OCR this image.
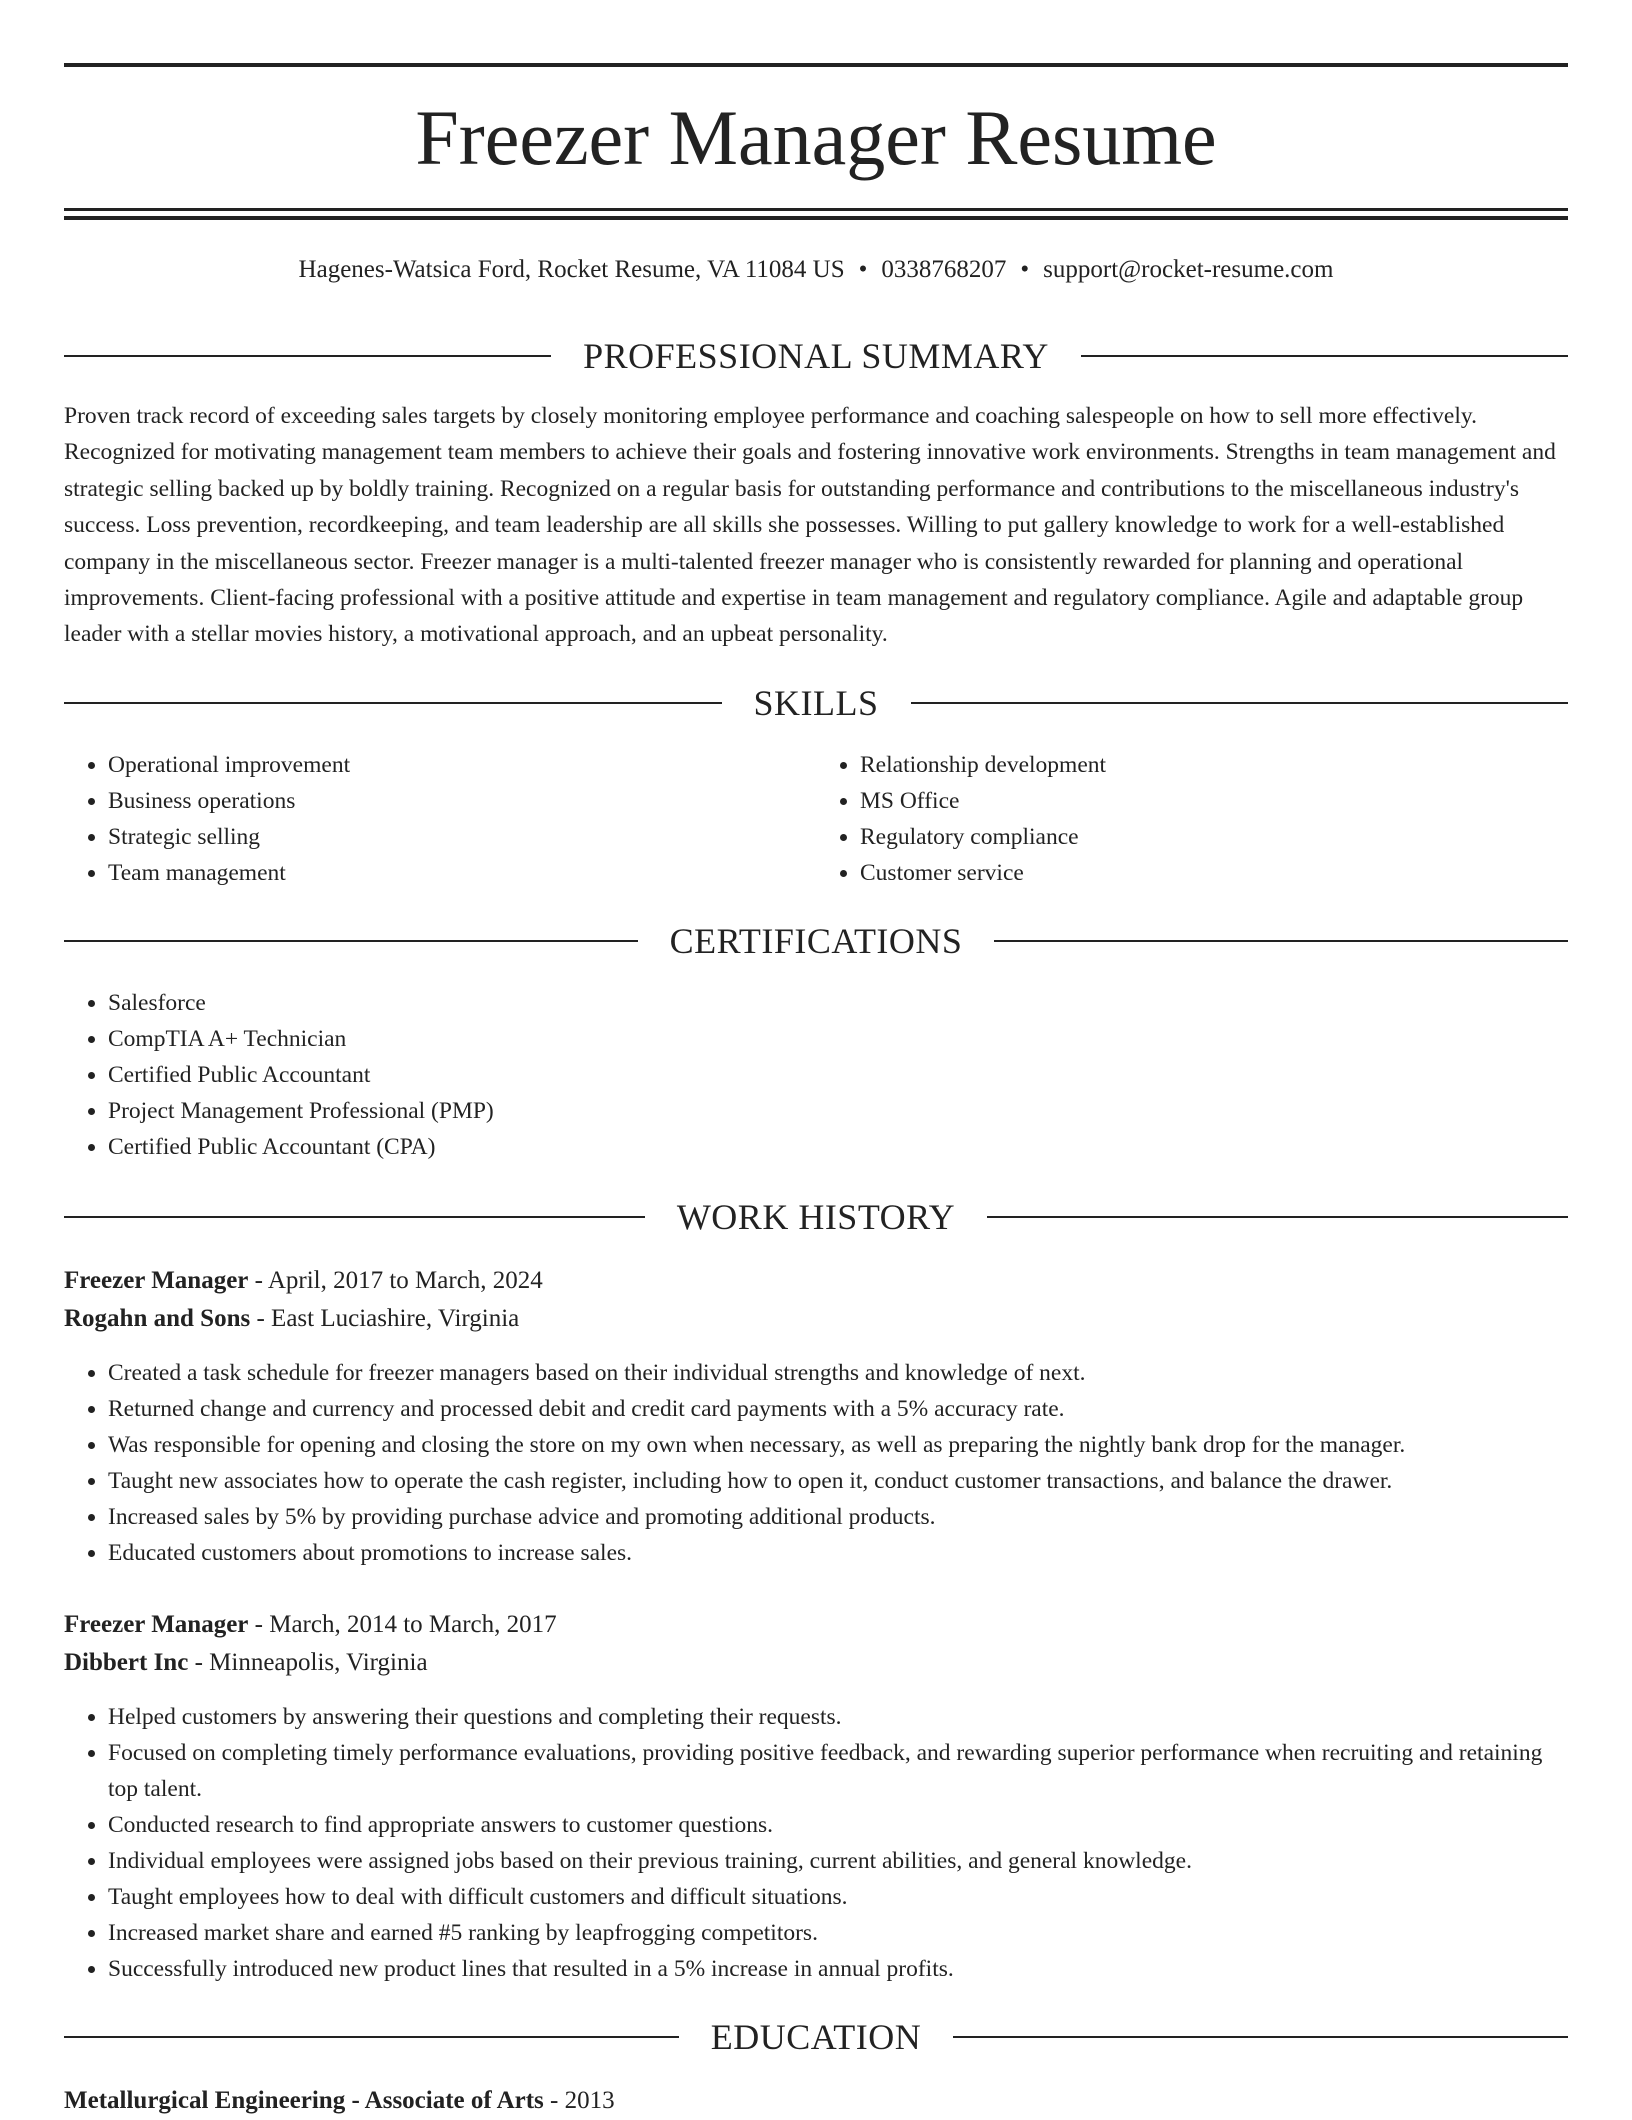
Freezer Manager Resume
Hagenes-Watsica Ford, Rocket Resume, VA 11084 US • 0338768207 • support@rocket-resume.com
PROFESSIONAL SUMMARY

Proven track record of exceeding sales targets by closely monitoring employee performance and coaching salespeople on how to sell more effectively. Recognized for motivating management team members to achieve their goals and fostering innovative work environments. Strengths in team management and strategic selling backed up by boldly training. Recognized on a regular basis for outstanding performance and contributions to the miscellaneous industry's success. Loss prevention, recordkeeping, and team leadership are all skills she possesses. Willing to put gallery knowledge to work for a well-established company in the miscellaneous sector. Freezer manager is a multi-talented freezer manager who is consistently rewarded for planning and operational improvements. Client-facing professional with a positive attitude and expertise in team management and regulatory compliance. Agile and adaptable group leader with a stellar movies history, a motivational approach, and an upbeat personality.

SKILLS
• Operational improvement
• Business operations
• Strategic selling
• Team management
• Relationship development
• MS Office
• Regulatory compliance
• Customer service
CERTIFICATIONS
• Salesforce
• CompTIA A+ Technician
• Certified Public Accountant
• Project Management Professional (PMP)
• Certified Public Accountant (CPA)
WORK HISTORY
Freezer Manager - April, 2017 to March, 2024
Rogahn and Sons - East Luciashire, Virginia
• Created a task schedule for freezer managers based on their individual strengths and knowledge of next.
• Returned change and currency and processed debit and credit card payments with a 5% accuracy rate.
• Was responsible for opening and closing the store on my own when necessary, as well as preparing the nightly bank drop for the manager.
• Taught new associates how to operate the cash register, including how to open it, conduct customer transactions, and balance the drawer.
• Increased sales by 5% by providing purchase advice and promoting additional products.
• Educated customers about promotions to increase sales.
Freezer Manager - March, 2014 to March, 2017
Dibbert Inc - Minneapolis, Virginia
• Helped customers by answering their questions and completing their requests.
• Focused on completing timely performance evaluations, providing positive feedback, and rewarding superior performance when recruiting and retaining top talent.
• Conducted research to find appropriate answers to customer questions.
• Individual employees were assigned jobs based on their previous training, current abilities, and general knowledge.
• Taught employees how to deal with difficult customers and difficult situations.
• Increased market share and earned #5 ranking by leapfrogging competitors.
• Successfully introduced new product lines that resulted in a 5% increase in annual profits.
EDUCATION
Metallurgical Engineering - Associate of Arts - 2013
